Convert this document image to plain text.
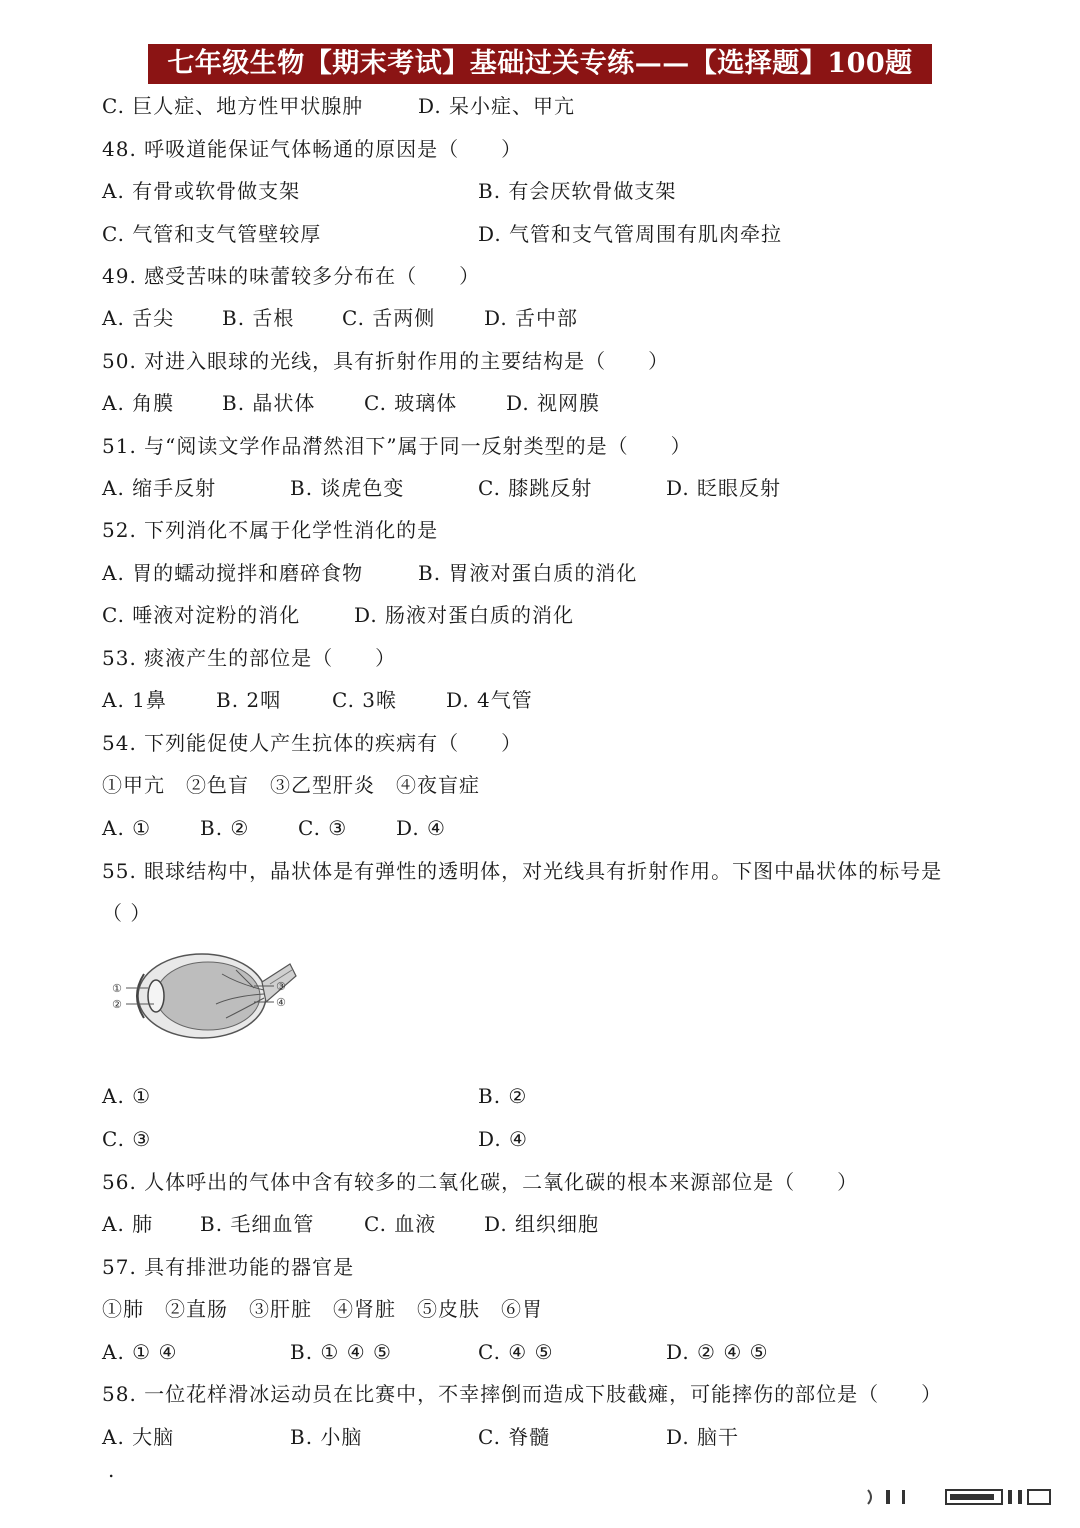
七年级生物【期末考试】基础过关专练——【选择题】100题
C. 巨人症、地方性甲状腺肿	D. 呆小症、甲亢
48. 呼吸道能保证气体畅通的原因是（　　）
A. 有骨或软骨做支架	B. 有会厌软骨做支架
C. 气管和支气管壁较厚	D. 气管和支气管周围有肌肉牵拉
49. 感受苦味的味蕾较多分布在（　　）
A. 舌尖 B. 舌根 C. 舌两侧 D. 舌中部
50. 对进入眼球的光线，具有折射作用的主要结构是（　　）
A. 角膜 B. 晶状体 C. 玻璃体 D. 视网膜
51. 与“阅读文学作品潸然泪下”属于同一反射类型的是（　　）
A. 缩手反射	B. 谈虎色变	C. 膝跳反射	D. 眨眼反射
52. 下列消化不属于化学性消化的是
A. 胃的蠕动搅拌和磨碎食物	B. 胃液对蛋白质的消化
C. 唾液对淀粉的消化	D. 肠液对蛋白质的消化
53. 痰液产生的部位是（　　）
A. 1鼻 B. 2咽	C. 3喉 D. 4气管
54. 下列能促使人产生抗体的疾病有（　　）
①甲亢　②色盲　③乙型肝炎　④夜盲症
A. ① B. ② C. ③ D. ④
55. 眼球结构中，晶状体是有弹性的透明体，对光线具有折射作用。下图中晶状体的标号是
（ ）
①
②
③
④
A. ①	B. ②
C. ③	D. ④
56. 人体呼出的气体中含有较多的二氧化碳，二氧化碳的根本来源部位是（　　）
A. 肺 B. 毛细血管 C. 血液 D. 组织细胞
57. 具有排泄功能的器官是
①肺　②直肠　③肝脏　④肾脏　⑤皮肤　⑥胃
A. ① ④	B. ① ④ ⑤	C. ④ ⑤	D. ② ④ ⑤
58. 一位花样滑冰运动员在比赛中，不幸摔倒而造成下肢截瘫，可能摔伤的部位是（　　）
A. 大脑	B. 小脑	C. 脊髓	D. 脑干
.
